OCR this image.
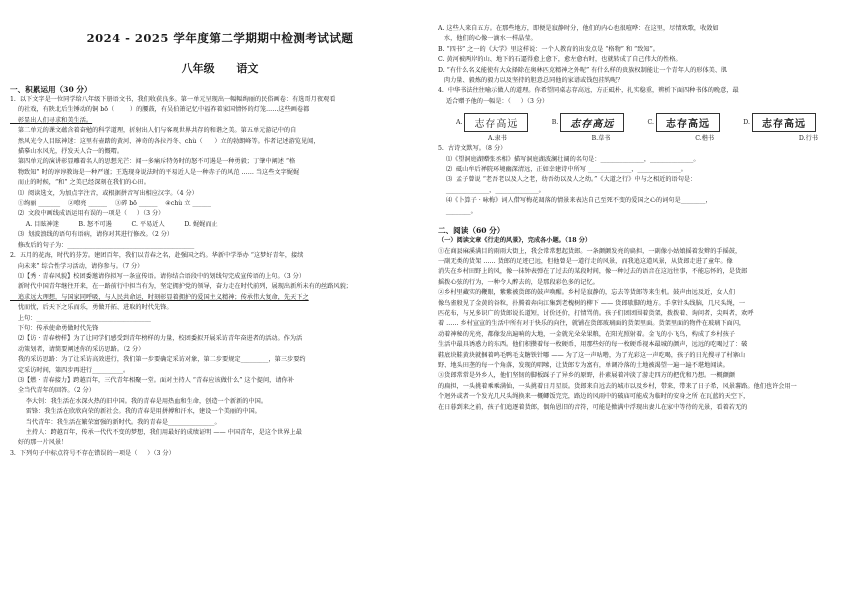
2024 - 2025 学年度第二学期期中检测考试试题
八年级 语文
一、积累运用（30 分）
1.  以下文字是一位同学给八年级下册语文书，我们收获良多。第一单元呈现出一幅幅绚丽的民俗画卷：有选哥月夜观看
的社戏，有陕北后生锤动的铜 bō（        ）的腰鼓，有吴伯箫记忆中福祚着家国情怀的灯笼……这些画卷都
彰显出人们寻求和美生活。
第二单元的课文蕴含着奋勉的科学道理，折射出人们与客观世界共存的和谐之美。第五单元游记中的自
然风光令人目眩神迷：这里有壶踏的黄河、神奇的各拉丹冬、chù（      ）立的勃朗峰等。作者记述游览见闻，
描摹山水风光，抒发天人合一的慨喟。
第四单元的演讲彰显雕着名人的思想光芒：闻一多痛斥特务时的怒不可遏是一种勇毅；丁肇中阐述 “格
物致知” 时的谆谆教诲是一种严谨；王选现身说法时的平易近人是一种赤子的风范 …… 当这些文字娓娓
而止的时候，“和” 之美已经深刻在我们的心田。
⑴  阅读选文，为加点字注音，或根据拼音写出相应汉字。（4 分）
①绚丽 _______    ②嘹亮 ______    ③碎 bō ______    ④chù 立 ______
⑵  文段中画线成语运用有误的一项是（     ）（3 分）
A. 目眩神迷          B. 怒不可遏          C. 平易近人          D. 娓娓而止
⑶  划波浪线的语句有语病，请你对其进行修改。（2 分）
修改后的句子为：_________________________________________
2.  五月的花海，时代的芬芳。建团百年，我们以青春之名，赴强国之约。华新中学举办 “这梦好青年，接续
向未来” 综合性学习活动，请你参与。（7 分）
⑴【秀 · 青春风貌】校团委邀请你拟写一条宣传语。请你结合语段中的划线句完成宣传语的上句。（3 分）
新时代中国青年继往开来，在一路前行中担当有为，坚定拥护党的领导，奋力走在时代前列，展现出新所未有的丝路风貌；
追求远大理想，与国家同呼吸，与人民共命运，时刻彰显着拥护的爱国主义精神；传承伟大复命，先天下之
忧而忧，后天下之乐而乐，勇做开拓、进取的时代先锋。
上句：_____________________________________
下句：传承使命勇做时代先锋
⑵【访 · 青春榜样】为了让同学们感受到青年榜样的力量，校团委拟开展采访青年奋进者的活动。作为活
动策划者，请简要阐述你的采访思路。（2 分）
我的采访思路：为了让采访高效进行，我们第一步要确定采访对象，第二步要规定_________，第三步要约
定采访时间，第四步再进行__________。
⑶【燃 · 青春接力】跨越百年，三代青年相聚一堂。面对主持人 “青春应该做什么” 这个提问，请你补
全当代青年的回答。（2 分）
李大钊：我生活在水深火热的旧中国。我的青春是用热血和生命，创造一个新新的中国。
雷锋：我生活在欣欣向荣的新社会。我的青春是用拼搏和汗水，建设一个美丽的中国。
当代青年：我生活在繁荣富强的新时代。我的青春是_______________。
主持人：跨越百年，传承一代代不变的梦想，我们用最好的成绩证明 —— 中国青年，是这个世界上最
好的那一片风景！
3.  下列句子中标点符号不存在错误的一项是（     ）（3 分）
A. 这些人来自五方。在那些地方，即便是寂静时分，他们的内心也很喧哗：在这里，尽情欢歌，收敛如
水，他们的心像一滴水一样晶莹。
B. “四书” 之一的《大学》里这样说：一个人教育的出发点是 “格物” 和 “致知”。
C. 黄河被两岸的山、地下的石逼得愈上愈下，愈左愈右时，也就转成了自己伟大的性格。
D. “有什么名义能使有大众择除在奥林匹克精神之外呢” 有什么样的贵族权制能让一个青年人的形体美、肌
肉力量、毅炼的毅力以及坚持的胆意总同他的家谱或钱包挂钩呢？
4.  中华书法往往喻示做人的道理。你希望同桌志存高远，方正砥朴，扎实稳重，辨析下面四种书体的晚意，最
适合赠予他的一幅是：（     ）（3 分）
A.	志存高远	B.	志存高远	C.	志存高远	D.	志存高远
A.隶书	B.草书	C.楷书	D.行书
5.  古诗文默写。（8 分）
⑴《望洞庭湖赠张丞相》描写洞庭湖波澜壮阔的名句是：______________，______________。
⑵  砥山牟后禅院环境幽深清远，正如幸建诗中所写 ______________，______________。
⑶  孟子曾说 “老吾老以及人之老，幼吾幼以及人之幼。”《大道之行》中与之相近的语句是：
______________，______________。
⑷《卜算子 · 咏梅》词人借写梅花凋落的情景来表达自己至死不变的爱国之心的词句是________，
________。
二、阅读（60 分）
（一）阅读文章《行走的风景》，完成各小题。（18 分）
①在商县麻溪满目的雨雨大街上，我会常常想起货郎。一条颤颤发亮的扁担，一副像小姑娘摇着发辫的手摇鼓，
一副无类的货架 …… 货郎的足迹已远，但他曾是一道行走的风景，而我追这道风景，从货郎走进了童年。像
消失在乡村田野上的风，像一抹钟表弹在了过去的某段时间，像一种过去的语音在这远往事，不能忘怀的，是货郎
摇拨心弦的行为，一种令人醉去的，是那段彩色多的记忆。
②乡村里藏实的鞭眼，紫紫被货郎的鼓声唤醒。乡村是寂静的，忘去等货郎等来生机。鼓声由远及近，女人们
像鸟雀般见了金黄的谷粒，扑腾着奔向江集到老槐树的柳下 —— 货郎歇脚的地方。手拿针头线脑，几尺头绳，一
匹花布，与兄多识广的货郎说长道短，讨价还价，打情骂俏。孩子们团团围着货架，拨拨着、询问者，尖叫者，欢呼
着 …… 乡村宣宣的生活中所有对于快乐的向往，就铺在货郎玻璃面的货架里面。货架里面的物件在玻璃下面闪，
动着神秘的光亮，都像发出遍响的大地，一金就光朵朵果粮，在阳光照射着。金飞的小飞鸟，构成了乡村孩子
生活中最具诱惑力的东西。他们积攒着每一枚硬币，用那些好的每一枚硬币视本最城的颜声，远远的吃喝过了：破
鞋底块鞋黄块就捆着鸣毛鸭毛支糖铁针哪 —— 为了这一声咕噜，为了光彩这一声吃喝，孩子的日光搜寻了村寨山
野、地头田垄的每一个角落，发现的唱嗦，让货郎专为富有，单调冷落的土地被渴望一遍一遍不堪地闻读。
③货郎常常是外乡人，他们坚韧的脚板踩子了异乡的原野，扑素展着冲淡了游走四方的把优和乃想。一概颤颤
的扁担，一头挑着乘乘满仙，一头挑着日月星辰。货郎来自远去的城市以及乡村，带来，带来了日子希，风景薯路。他们也许会用一
个迥外或者一个发光几尺头绳换来一概鲫饭完完，路边的风雨中的破庙可能成为临时的安身之所 在瓦蓝的天空下，
在日暮到来之前，孩子们追逐着货郎，偶角恩旧的音符，可能是掀满中浮现出妻儿在家中等待的光景，看着若无的
